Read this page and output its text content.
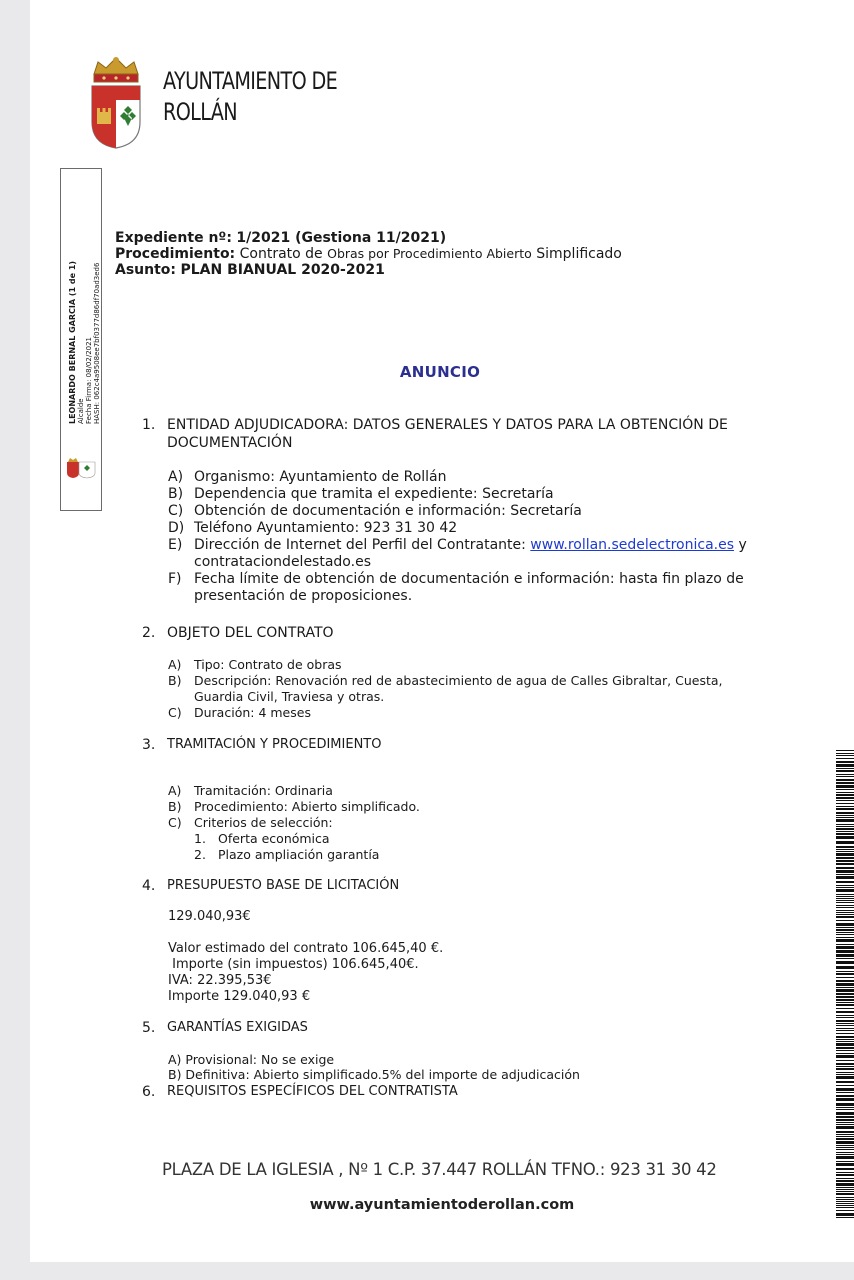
AYUNTAMIENTO DE
ROLLÁN
LEONARDO BERNAL GARCIA (1 de 1) Alcalde Fecha Firma: 08/02/2021 HASH: 062c4a9508ee7bf0377d86df70ad3ed6
Expediente nº: 1/2021 (Gestiona 11/2021)
Procedimiento: Contrato de Obras por Procedimiento Abierto Simplificado
Asunto: PLAN BIANUAL 2020-2021
ANUNCIO
1. ENTIDAD ADJUDICADORA: DATOS GENERALES Y DATOS PARA LA OBTENCIÓN DE
DOCUMENTACIÓN
A) Organismo: Ayuntamiento de Rollán
B) Dependencia que tramita el expediente: Secretaría
C) Obtención de documentación e información: Secretaría
D) Teléfono Ayuntamiento: 923 31 30 42
E) Dirección de Internet del Perfil del Contratante: www.rollan.sedelectronica.es y
contrataciondelestado.es
F) Fecha límite de obtención de documentación e información: hasta fin plazo de
presentación de proposiciones.
2. OBJETO DEL CONTRATO
A) Tipo: Contrato de obras
B) Descripción: Renovación red de abastecimiento de agua de Calles Gibraltar, Cuesta,
Guardia Civil, Traviesa y otras.
C) Duración: 4 meses
3. TRAMITACIÓN Y PROCEDIMIENTO
A) Tramitación: Ordinaria
B) Procedimiento: Abierto simplificado.
C) Criterios de selección:
1. Oferta económica
2. Plazo ampliación garantía
4. PRESUPUESTO BASE DE LICITACIÓN
129.040,93€
Valor estimado del contrato 106.645,40 €.
Importe (sin impuestos) 106.645,40€.
IVA: 22.395,53€
Importe 129.040,93 €
5. GARANTÍAS EXIGIDAS
A) Provisional: No se exige
B) Definitiva: Abierto simplificado.5% del importe de adjudicación
6. REQUISITOS ESPECÍFICOS DEL CONTRATISTA
PLAZA DE LA IGLESIA , Nº 1 C.P. 37.447 ROLLÁN TFNO.: 923 31 30 42
www.ayuntamientoderollan.com
